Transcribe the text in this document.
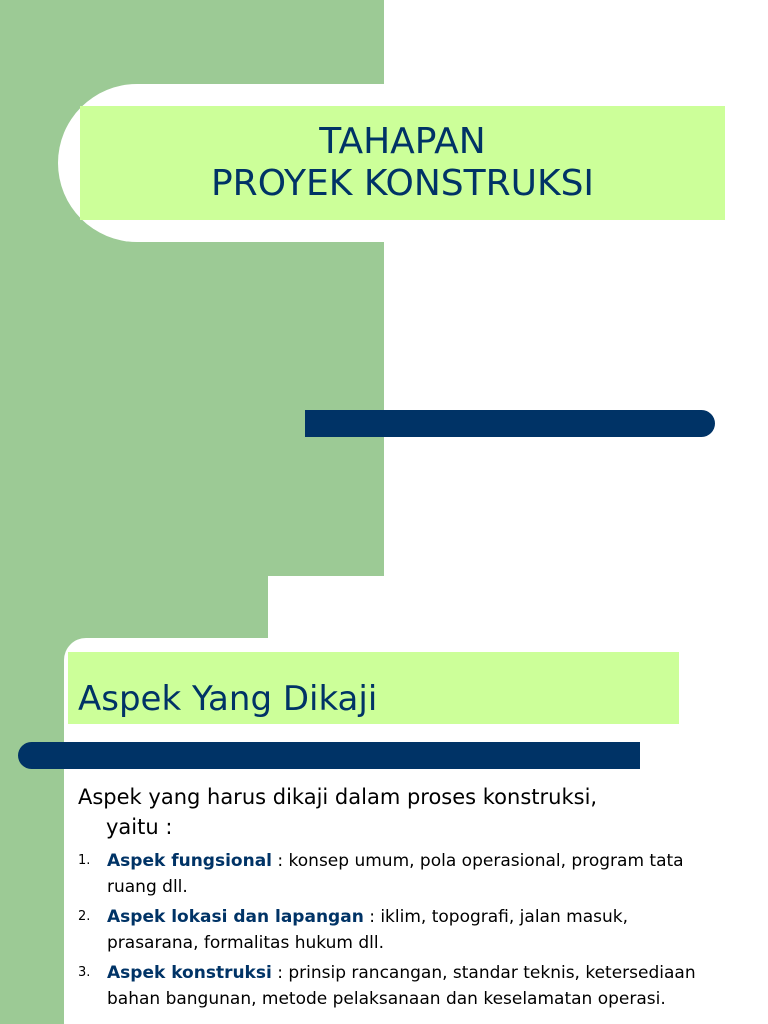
TAHAPAN
PROYEK KONSTRUKSI
Aspek Yang Dikaji

Aspek yang harus dikaji dalam proses konstruksi,
yaitu :

1. Aspek fungsional : konsep umum, pola operasional, program tata ruang dll.
2. Aspek lokasi dan lapangan : iklim, topografi, jalan masuk, prasarana, formalitas hukum dll.
3. Aspek konstruksi : prinsip rancangan, standar teknis, ketersediaan bahan bangunan, metode pelaksanaan dan keselamatan operasi.
